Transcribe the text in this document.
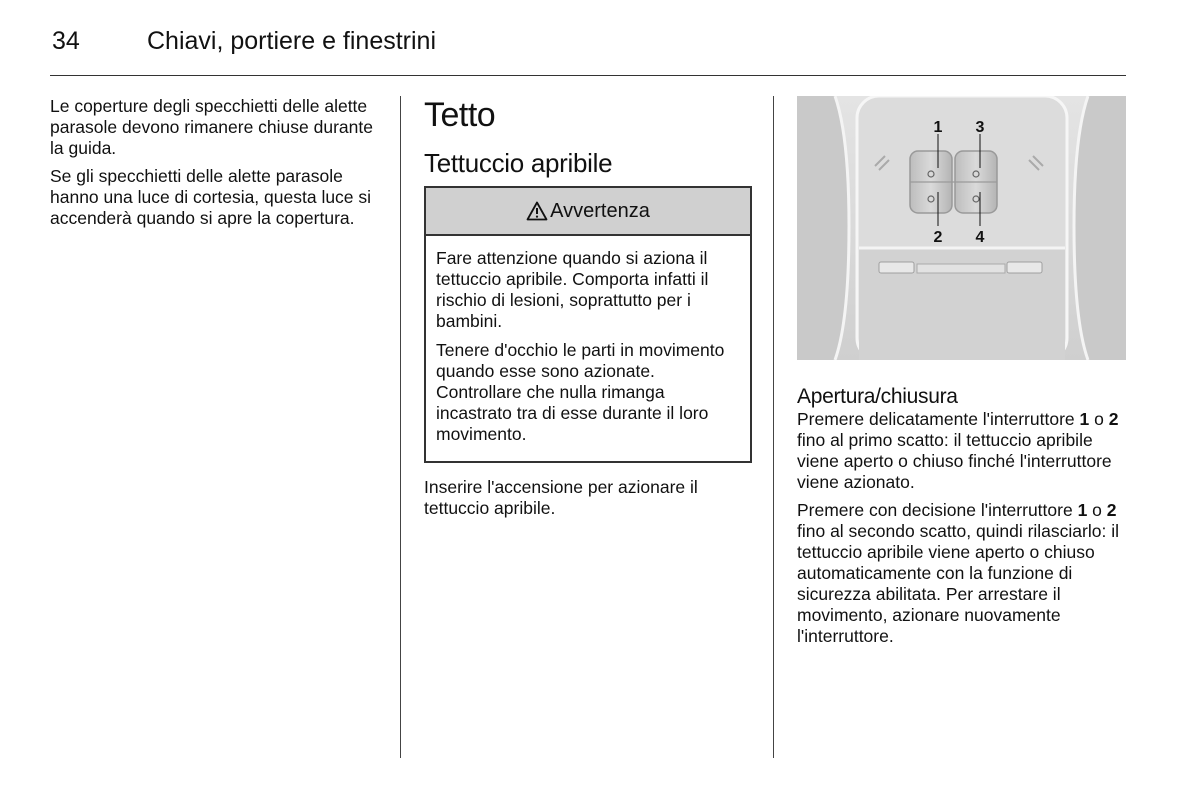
34	Chiavi, portiere e finestrini

Le coperture degli specchietti delle alette parasole devono rimanere chiuse durante la guida.

Se gli specchietti delle alette parasole hanno una luce di cortesia, questa luce si accenderà quando si apre la copertura.

Tetto
Tettuccio apribile
Avvertenza

Fare attenzione quando si aziona il tettuccio apribile. Comporta infatti il rischio di lesioni, soprattutto per i bambini.

Tenere d'occhio le parti in movimento quando esse sono azionate. Controllare che nulla rimanga incastrato tra di esse durante il loro movimento.

Inserire l'accensione per azionare il tettuccio apribile.

1 3
2 4
Apertura/chiusura

Premere delicatamente l'interruttore 1 o 2 fino al primo scatto: il tettuccio apribile viene aperto o chiuso finché l'interruttore viene azionato.

Premere con decisione l'interruttore 1 o 2 fino al secondo scatto, quindi rilasciarlo: il tettuccio apribile viene aperto o chiuso automaticamente con la funzione di sicurezza abilitata. Per arrestare il movimento, azionare nuovamente l'interruttore.
